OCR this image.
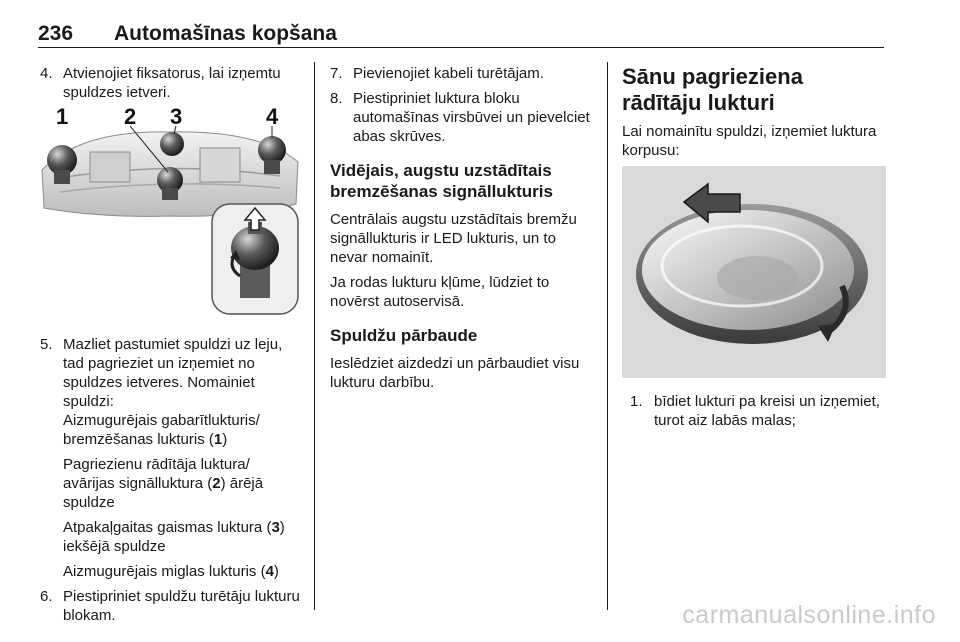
236 Automašīnas kopšana
4. Atvienojiet fiksatorus, lai izņemtu spuldzes ietveri.
1	2 3	4
5. Mazliet pastumiet spuldzi uz leju, tad pagrieziet un izņemiet no spuldzes ietveres. Nomainiet spuldzi:

Aizmugurējais gabarītlukturis/ bremzēšanas lukturis (1)

Pagriezienu rādītāja luktura/ avārijas signālluktura (2) ārējā spuldze

Atpakaļgaitas gaismas luktura (3) iekšējā spuldze

Aizmugurējais miglas lukturis (4)

6. Piestipriniet spuldžu turētāju lukturu blokam.
7. Pievienojiet kabeli turētājam.
8. Piestipriniet luktura bloku automašīnas virsbūvei un pievelciet abas skrūves.
Vidējais, augstu uzstādītais bremzēšanas signāllukturis

Centrālais augstu uzstādītais bremžu signāllukturis ir LED lukturis, un to nevar nomainīt.

Ja rodas lukturu kļūme, lūdziet to novērst autoservisā.

Spuldžu pārbaude

Ieslēdziet aizdedzi un pārbaudiet visu lukturu darbību.

Sānu pagrieziena rādītāju lukturi

Lai nomainītu spuldzi, izņemiet luktura korpusu:

1. bīdiet lukturi pa kreisi un izņemiet, turot aiz labās malas;
carmanualsonline.info
